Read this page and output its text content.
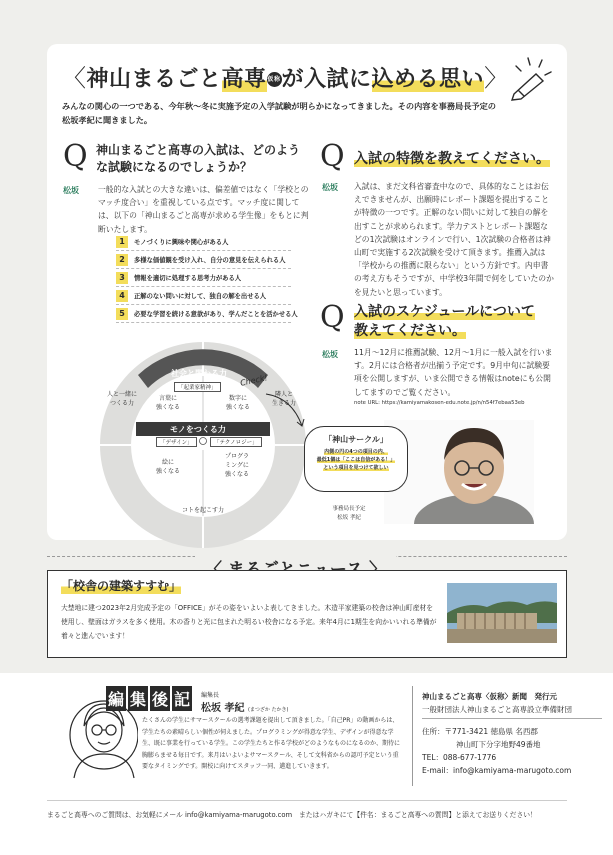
〈神山まるごと高専仮称が入試に込める思い〉
みんなの関心の一つである、今年秋〜冬に実施予定の入学試験が明らかになってきました。その内容を事務局長予定の松坂孝紀に聞きました。
Q 神山まるごと高専の入試は、どのような試験になるのでしょうか？
松坂 一般的な入試との大きな違いは、偏差値ではなく「学校とのマッチ度合い」を重視している点です。マッチ度に関しては、以下の「神山まるごと高専が求める学生像」をもとに判断いたします。
1	モノづくりに興味や関心がある人
2	多様な価値観を受け入れ、自分の意見を伝えられる人
3	情報を適切に処理する思考力がある人
4	正解のない問いに対して、独自の解を出せる人
5	必要な学習を続ける意欲があり、学んだことを活かせる人
Q 入試の特徴を教えてください。
松坂 入試は、まだ文科省審査中なので、具体的なことはお伝えできませんが、出願時にレポート課題を提出することが特徴の一つです。正解のない問いに対して独自の解を出すことが求められます。学力テストとレポート課題などの1次試験はオンラインで行い、1次試験の合格者は神山町で実施する2次試験を受けて頂きます。推薦入試は「学校からの推薦に限らない」という方針です。内申書の考え方もそうですが、中学校3年間で何をしていたのかを見たいと思っています。
Q 入試のスケジュールについて
教えてください。
松坂 11月〜12月に推薦試験、12月〜1月に一般入試を行います。2月には合格者が出揃う予定です。9月中旬に試験要項を公開しますが、いま公開できる情報はnoteにも公開してますのでご覧ください。
note URL: https://kamiyamakosen-edu.note.jp/n/n54f7ebaa53eb
社会と関わる力
「起業家精神」
人と一緒に
つくる力
隣人と
生きる力
コトを起こす力
言葉に
強くなる
数字に
強くなる
モノをつくる力
「デザイン」	「テクノロジー」
絵に
強くなる
プログラ
ミングに
強くなる
Check!
事務局長予定
松坂 孝紀
「神山サークル」
内側の円の4つの項目の内、
最低1個は「ここは自信がある！」
という項目を見つけて欲しい
「校舎の建築すすむ」
大埜地に建つ2023年2月完成予定の「OFFICE」がその姿をいよいよ表してきました。木造平家建築の校舎は神山町産材を使用し、壁面はガラスを多く使用。木の香りと光に包まれた明るい校舎になる予定。来年4月に1期生を向かいいれる準備が着々と進んでいます！
編 集 後 記	編集長
松坂 孝紀 (まつざか たかき)
たくさんの学生にサマースクールの選考課題を提出して頂きました。「自己PR」の動画からは、学生たちの素晴らしい個性が伺えました。プログラミングが得意な学生、デザインが得意な学生、既に事業を行っている学生。この学生たちと作る学校がどのようなものになるのか、期待に胸膨らませる毎日です。来月はいよいよサマースクール、そして文科省からの認可予定という重要なタイミングです。開校に向けてスタッフ一同、邁進していきます。
神山まるごと高専〈仮称〉新聞　発行元
一般財団法人神山まるごと高専設立準備財団
住所：〒771-3421 徳島県 名西郡
神山町下分字地野49番地
TEL：088-677-1776
E-mail：info@kamiyama-marugoto.com
まるごと高専へのご質問は、お気軽にメール info@kamiyama-marugoto.com　またはハガキにて【件名：まるごと高専への質問】と添えてお送りください！
